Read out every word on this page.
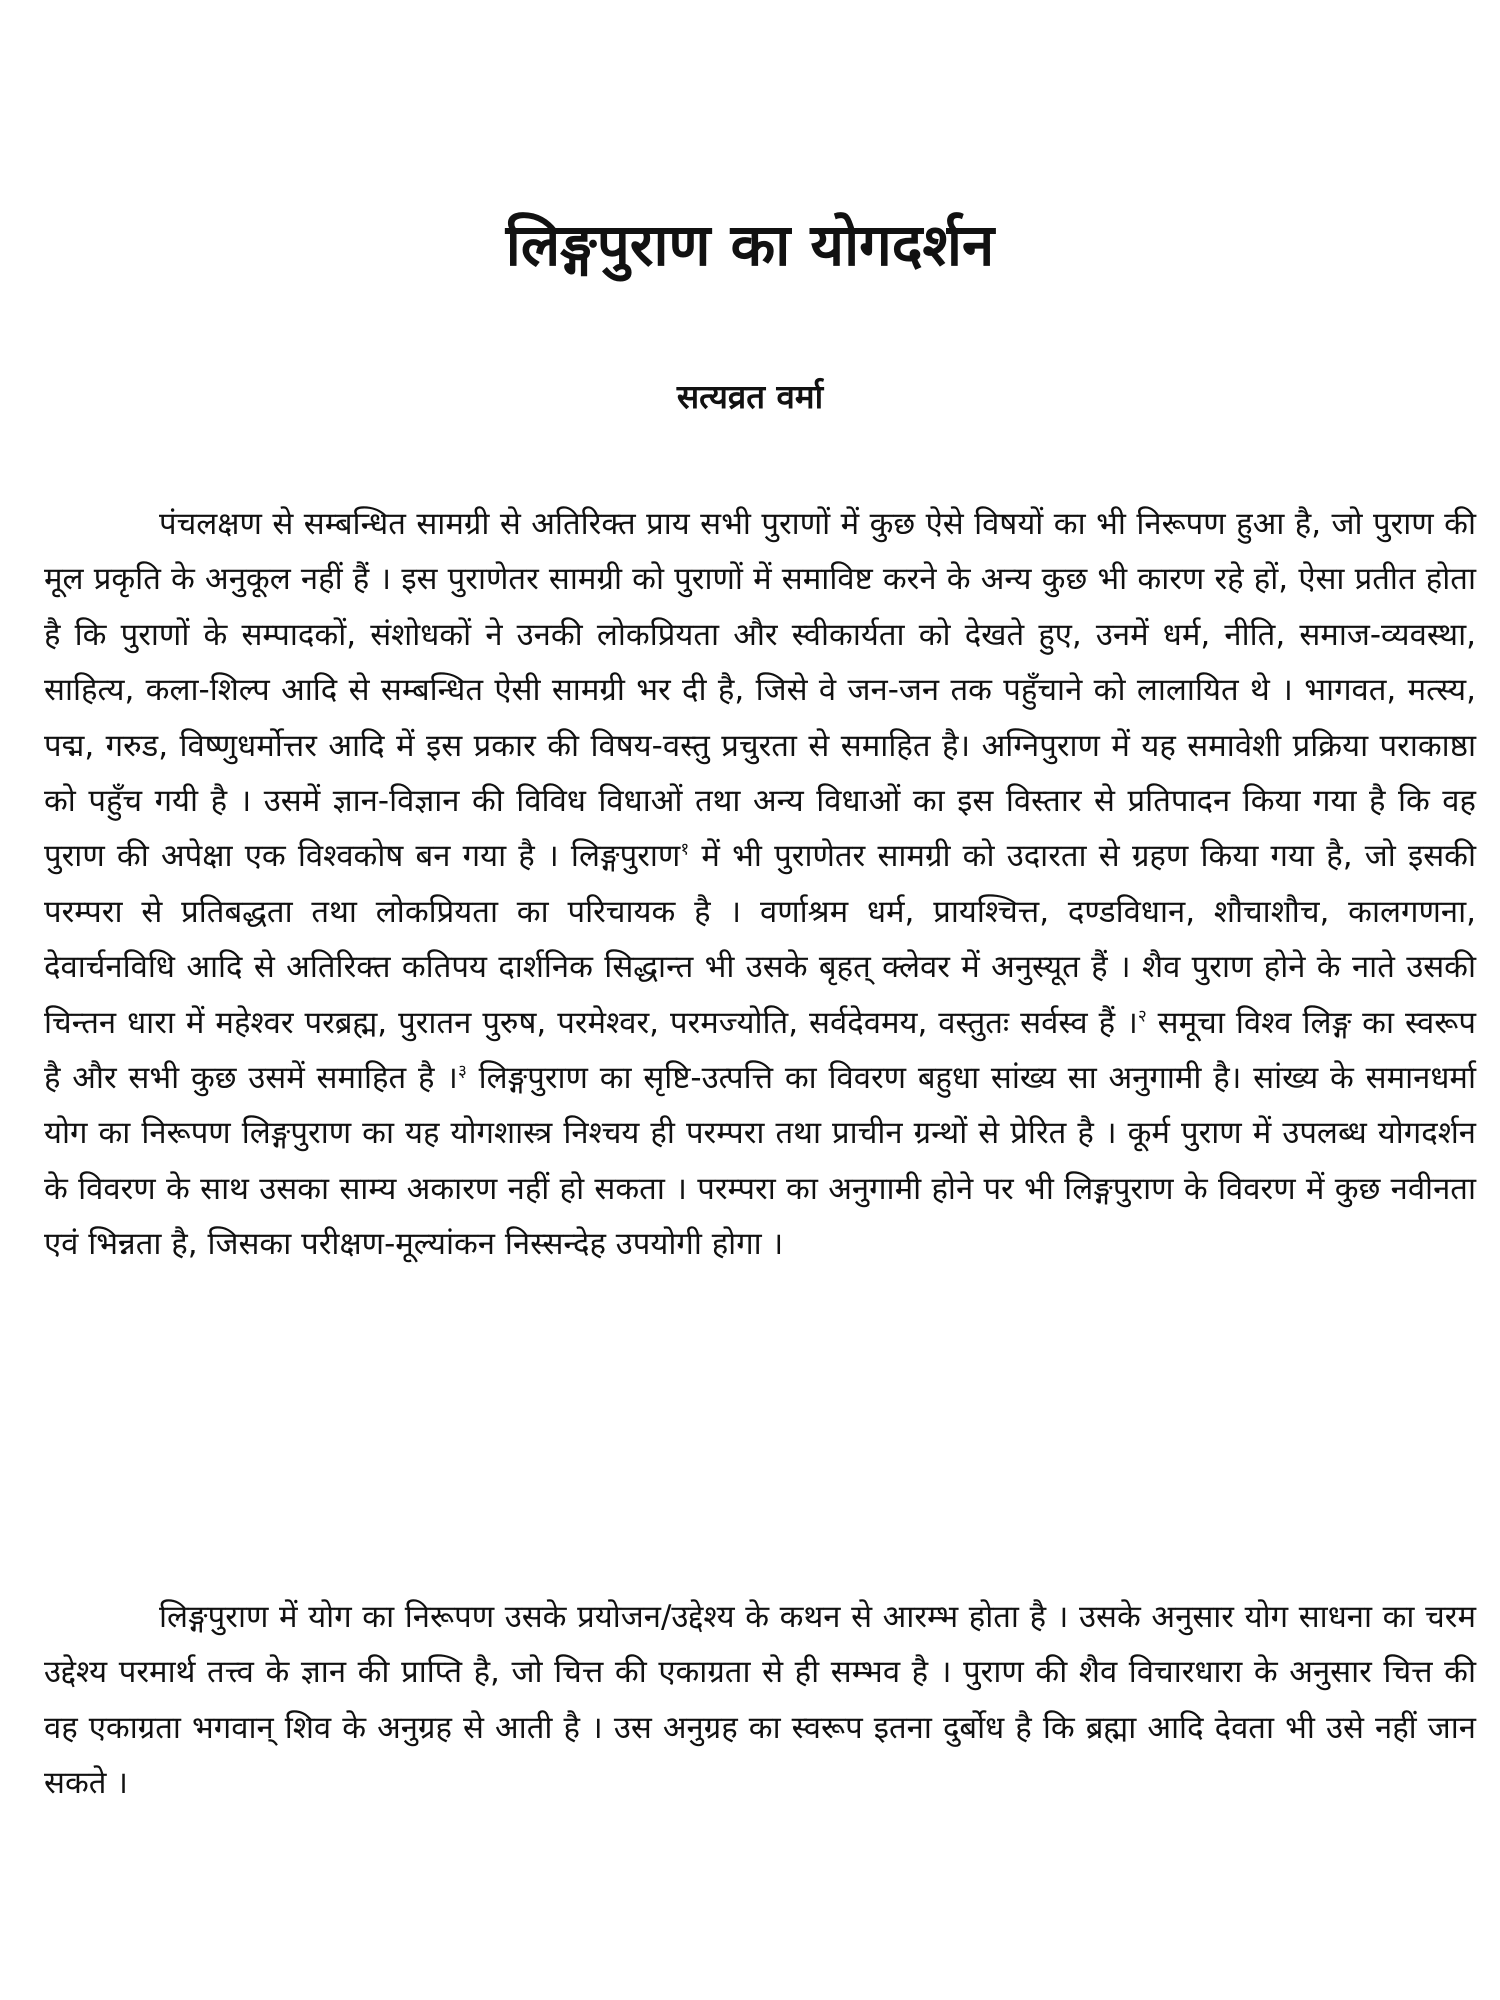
लिङ्गपुराण का योगदर्शन
सत्यव्रत वर्मा

पंचलक्षण से सम्बन्धित सामग्री से अतिरिक्त प्राय सभी पुराणों में कुछ ऐसे विषयों का भी निरूपण हुआ है, जो पुराण की मूल प्रकृति के अनुकूल नहीं हैं । इस पुराणेतर सामग्री को पुराणों में समाविष्ट करने के अन्य कुछ भी कारण रहे हों, ऐसा प्रतीत होता है कि पुराणों के सम्पादकों, संशोधकों ने उनकी लोकप्रियता और स्वीकार्यता को देखते हुए, उनमें धर्म, नीति, समाज-व्यवस्था, साहित्य, कला-शिल्प आदि से सम्बन्धित ऐसी सामग्री भर दी है, जिसे वे जन-जन तक पहुँचाने को लालायित थे । भागवत, मत्स्य, पद्म, गरुड, विष्णुधर्मोत्तर आदि में इस प्रकार की विषय-वस्तु प्रचुरता से समाहित है। अग्निपुराण में यह समावेशी प्रक्रिया पराकाष्ठा को पहुँच गयी है । उसमें ज्ञान-विज्ञान की विविध विधाओं तथा अन्य विधाओं का इस विस्तार से प्रतिपादन किया गया है कि वह पुराण की अपेक्षा एक विश्वकोष बन गया है । लिङ्गपुराण$^१$ में भी पुराणेतर सामग्री को उदारता से ग्रहण किया गया है, जो इसकी परम्परा से प्रतिबद्धता तथा लोकप्रियता का परिचायक है । वर्णाश्रम धर्म, प्रायश्चित्त, दण्डविधान, शौचाशौच, कालगणना, देवार्चनविधि आदि से अतिरिक्त कतिपय दार्शनिक सिद्धान्त भी उसके बृहत् क्लेवर में अनुस्यूत हैं । शैव पुराण होने के नाते उसकी चिन्तन धारा में महेश्वर परब्रह्म, पुरातन पुरुष, परमेश्वर, परमज्योति, सर्वदेवमय, वस्तुतः सर्वस्व हैं ।$^२$ समूचा विश्व लिङ्ग का स्वरूप है और सभी कुछ उसमें समाहित है ।$^३$ लिङ्गपुराण का सृष्टि-उत्पत्ति का विवरण बहुधा सांख्य सा अनुगामी है। सांख्य के समानधर्मा योग का निरूपण लिङ्गपुराण का यह योगशास्त्र निश्चय ही परम्परा तथा प्राचीन ग्रन्थों से प्रेरित है । कूर्म पुराण में उपलब्ध योगदर्शन के विवरण के साथ उसका साम्य अकारण नहीं हो सकता । परम्परा का अनुगामी होने पर भी लिङ्गपुराण के विवरण में कुछ नवीनता एवं भिन्नता है, जिसका परीक्षण-मूल्यांकन निस्सन्देह उपयोगी होगा ।

लिङ्गपुराण में योग का निरूपण उसके प्रयोजन/उद्देश्य के कथन से आरम्भ होता है । उसके अनुसार योग साधना का चरम उद्देश्य परमार्थ तत्त्व के ज्ञान की प्राप्ति है, जो चित्त की एकाग्रता से ही सम्भव है । पुराण की शैव विचारधारा के अनुसार चित्त की वह एकाग्रता भगवान् शिव के अनुग्रह से आती है । उस अनुग्रह का स्वरूप इतना दुर्बोध है कि ब्रह्मा आदि देवता भी उसे नहीं जान सकते ।
